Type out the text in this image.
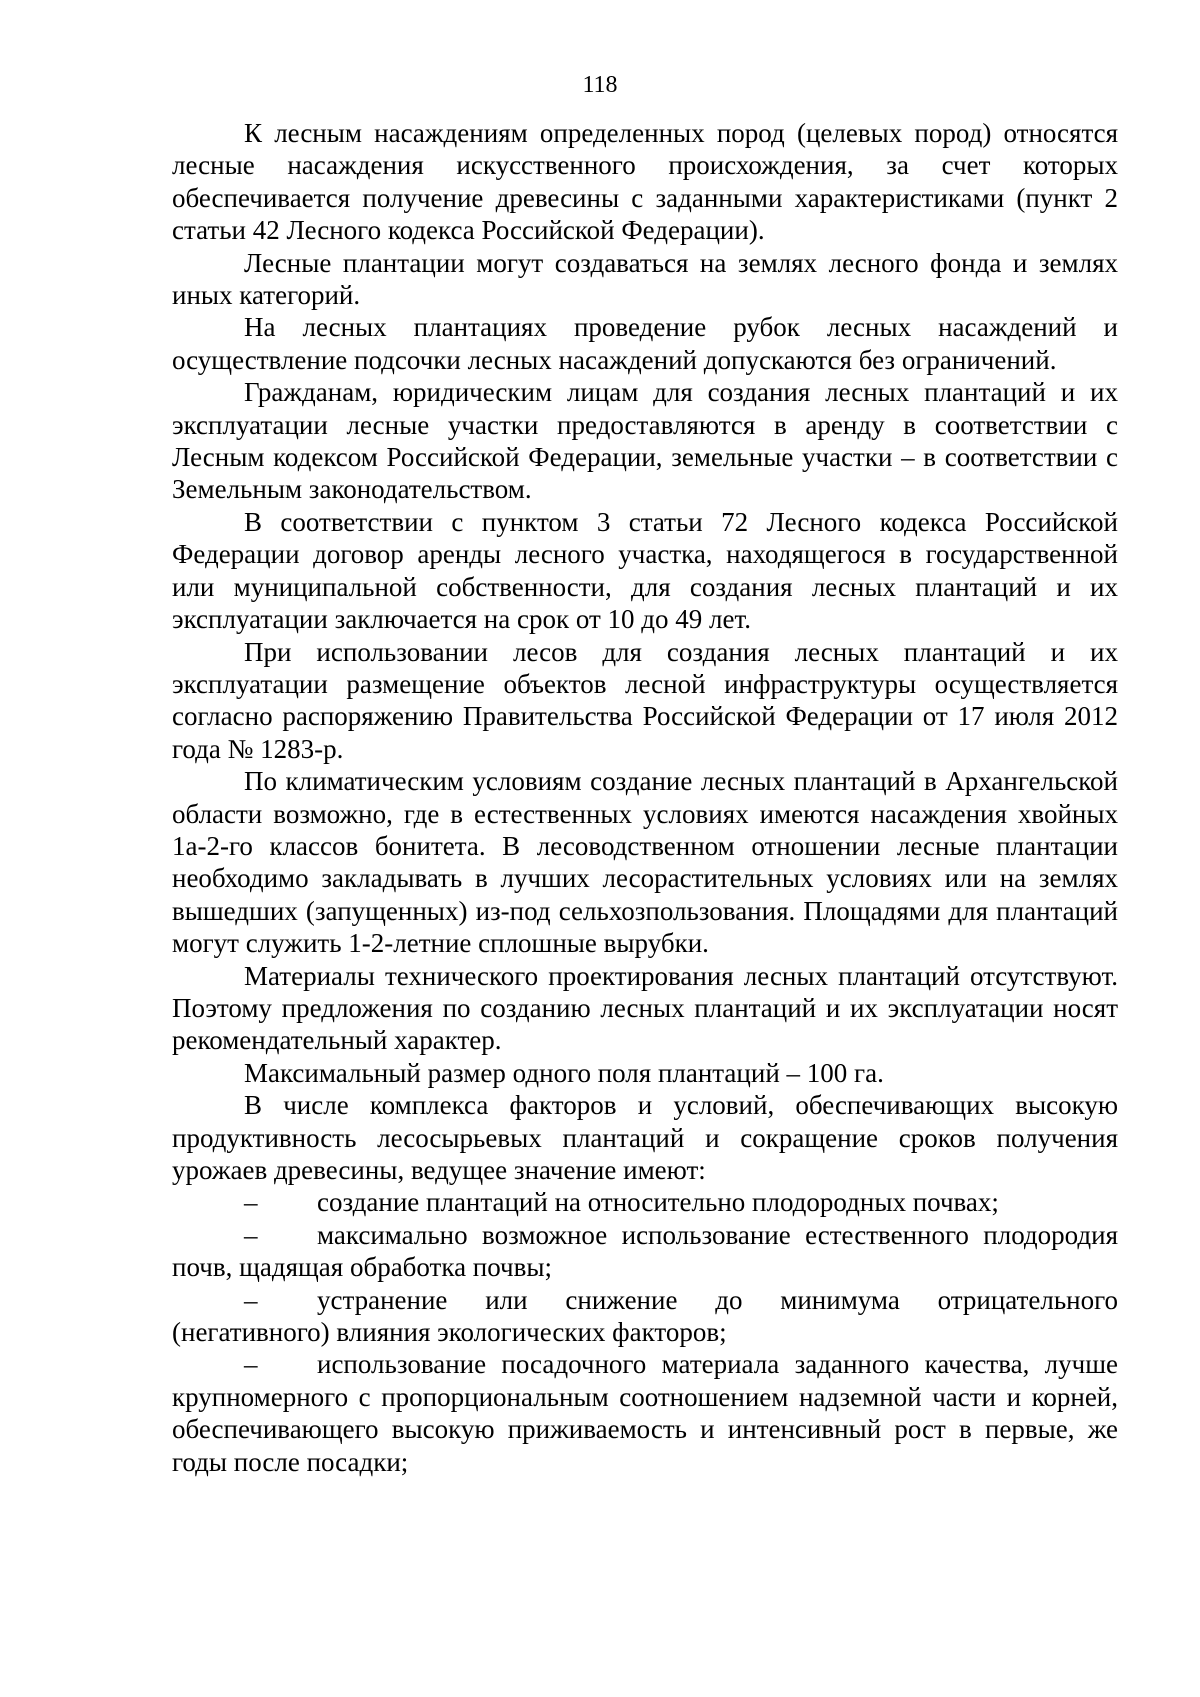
118

К лесным насаждениям определенных пород (целевых пород) относятся лесные насаждения искусственного происхождения, за счет которых обеспечивается получение древесины с заданными характеристиками (пункт 2 статьи 42 Лесного кодекса Российской Федерации).

Лесные плантации могут создаваться на землях лесного фонда и землях иных категорий.

На лесных плантациях проведение рубок лесных насаждений и осуществление подсочки лесных насаждений допускаются без ограничений.

Гражданам, юридическим лицам для создания лесных плантаций и их эксплуатации лесные участки предоставляются в аренду в соответствии с Лесным кодексом Российской Федерации, земельные участки – в соответствии с Земельным законодательством.

В соответствии с пунктом 3 статьи 72 Лесного кодекса Российской Федерации договор аренды лесного участка, находящегося в государственной или муниципальной собственности, для создания лесных плантаций и их эксплуатации заключается на срок от 10 до 49 лет.

При использовании лесов для создания лесных плантаций и их эксплуатации размещение объектов лесной инфраструктуры осуществляется согласно распоряжению Правительства Российской Федерации от 17 июля 2012 года № 1283-р.

По климатическим условиям создание лесных плантаций в Архангельской области возможно, где в естественных условиях имеются насаждения хвойных 1а-2-го классов бонитета. В лесоводственном отношении лесные плантации необходимо закладывать в лучших лесорастительных условиях или на землях вышедших (запущенных) из-под сельхозпользования. Площадями для плантаций могут служить 1-2-летние сплошные вырубки.

Материалы технического проектирования лесных плантаций отсутствуют. Поэтому предложения по созданию лесных плантаций и их эксплуатации носят рекомендательный характер.

Максимальный размер одного поля плантаций – 100 га.

В числе комплекса факторов и условий, обеспечивающих высокую продуктивность лесосырьевых плантаций и сокращение сроков получения урожаев древесины, ведущее значение имеют:

– создание плантаций на относительно плодородных почвах;

– максимально возможное использование естественного плодородия почв, щадящая обработка почвы;

– устранение или снижение до минимума отрицательного (негативного) влияния экологических факторов;

– использование посадочного материала заданного качества, лучше крупномерного с пропорциональным соотношением надземной части и корней, обеспечивающего высокую приживаемость и интенсивный рост в первые, же годы после посадки;
